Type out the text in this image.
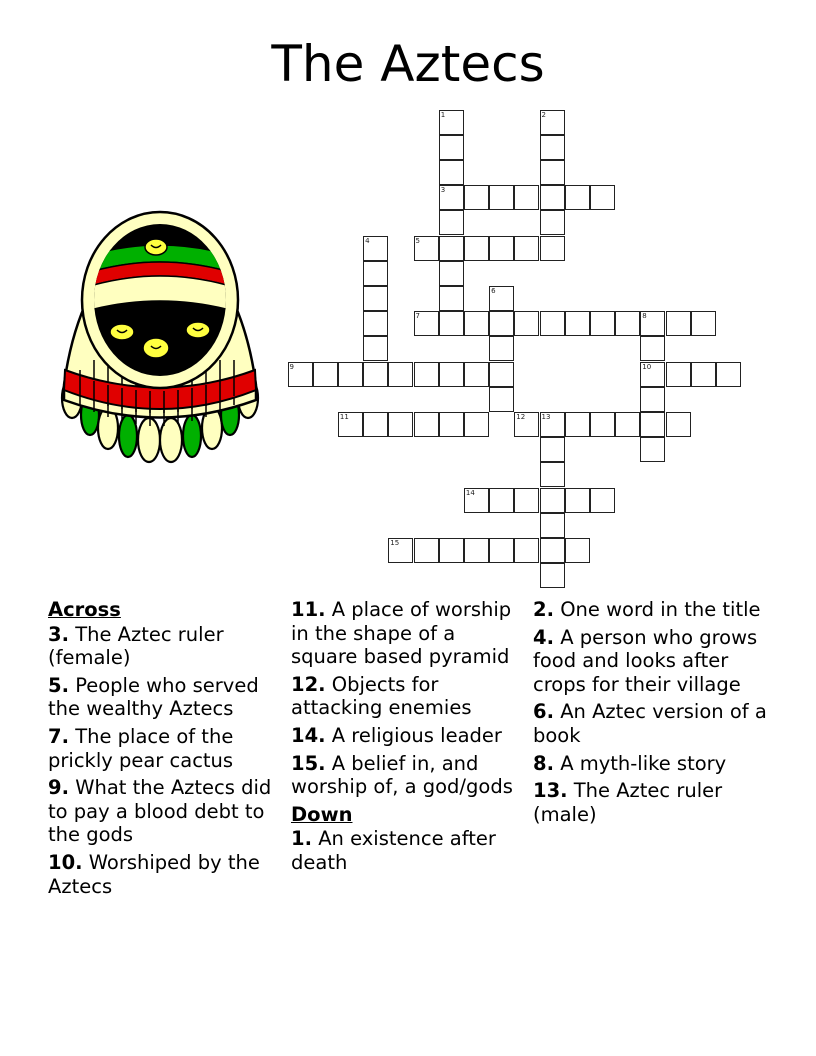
The Aztecs
1
3
2
4	5
6
7	8
10
9
11	12 13
14
15
Across
3. The Aztec ruler (female)
5. People who served the wealthy Aztecs
7. The place of the prickly pear cactus
9. What the Aztecs did to pay a blood debt to the gods
10. Worshiped by the Aztecs
11. A place of worship in the shape of a square based pyramid
12. Objects for attacking enemies
14. A religious leader
15. A belief in, and worship of, a god/gods
Down
1. An existence after death
2. One word in the title
4. A person who grows food and looks after crops for their village
6. An Aztec version of a book
8. A myth-like story
13. The Aztec ruler (male)
